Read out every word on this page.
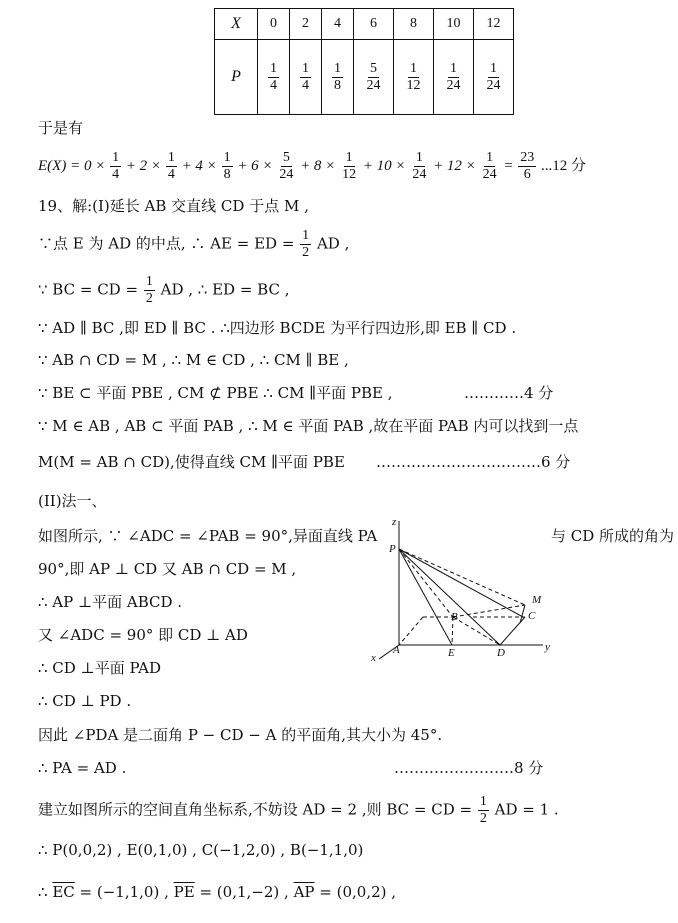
X	0	2	4	6	8	10	12
P	$\frac{1}{4}$	$\frac{1}{4}$	$\frac{1}{8}$	$\frac{5}{24}$	$\frac{1}{12}$	$\frac{1}{24}$	$\frac{1}{24}$
于是有
$E(X) = 0 \times \frac{1}{4} + 2 \times \frac{1}{4} + 4 \times \frac{1}{8} + 6 \times \frac{5}{24} + 8 \times \frac{1}{12} + 10 \times \frac{1}{24} + 12 \times \frac{1}{24} = \frac{23}{6} ...12$ 分
19、解:(I)延长 AB 交直线 CD 于点 M ,
∵点 E 为 AD 的中点, ∴ AE = ED = $\frac{1}{2}$ AD ,
∵ BC = CD = $\frac{1}{2}$ AD , ∴ ED = BC ,
∵ AD ∥ BC ,即 ED ∥ BC . ∴四边形 BCDE 为平行四边形,即 EB ∥ CD .
∵ AB ∩ CD = M , ∴ M ∈ CD , ∴ CM ∥ BE ,
∵ BE ⊂ 平面 PBE , CM ⊄ PBE ∴ CM ∥平面 PBE ,	…………4 分
∵ M ∈ AB , AB ⊂ 平面 PAB , ∴ M ∈ 平面 PAB ,故在平面 PAB 内可以找到一点
M(M = AB ∩ CD),使得直线 CM ∥平面 PBE ……………………………6 分
(II)法一、
如图所示, ∵ ∠ADC = ∠PAB = 90°,异面直线 PA	与 CD 所成的角为
90°,即 AP ⊥ CD 又 AB ∩ CD = M ,
∴ AP ⊥平面 ABCD .
又 ∠ADC = 90° 即 CD ⊥ AD
∴ CD ⊥平面 PAD
∴ CD ⊥ PD .
因此 ∠PDA 是二面角 P − CD − A 的平面角,其大小为 45°.
∴ PA = AD .	……………………8 分
建立如图所示的空间直角坐标系,不妨设 AD = 2 ,则 BC = CD = $\frac{1}{2}$ AD = 1 .
∴ P(0,0,2) , E(0,1,0) , C(−1,2,0) , B(−1,1,0)
∴ $\overline{EC} = (-1,1,0)$ , $\overline{PE} = (0,1,-2)$ , $\overline{AP} = (0,0,2)$ ,
z
P
A
x	E	D	y
B	C
M
